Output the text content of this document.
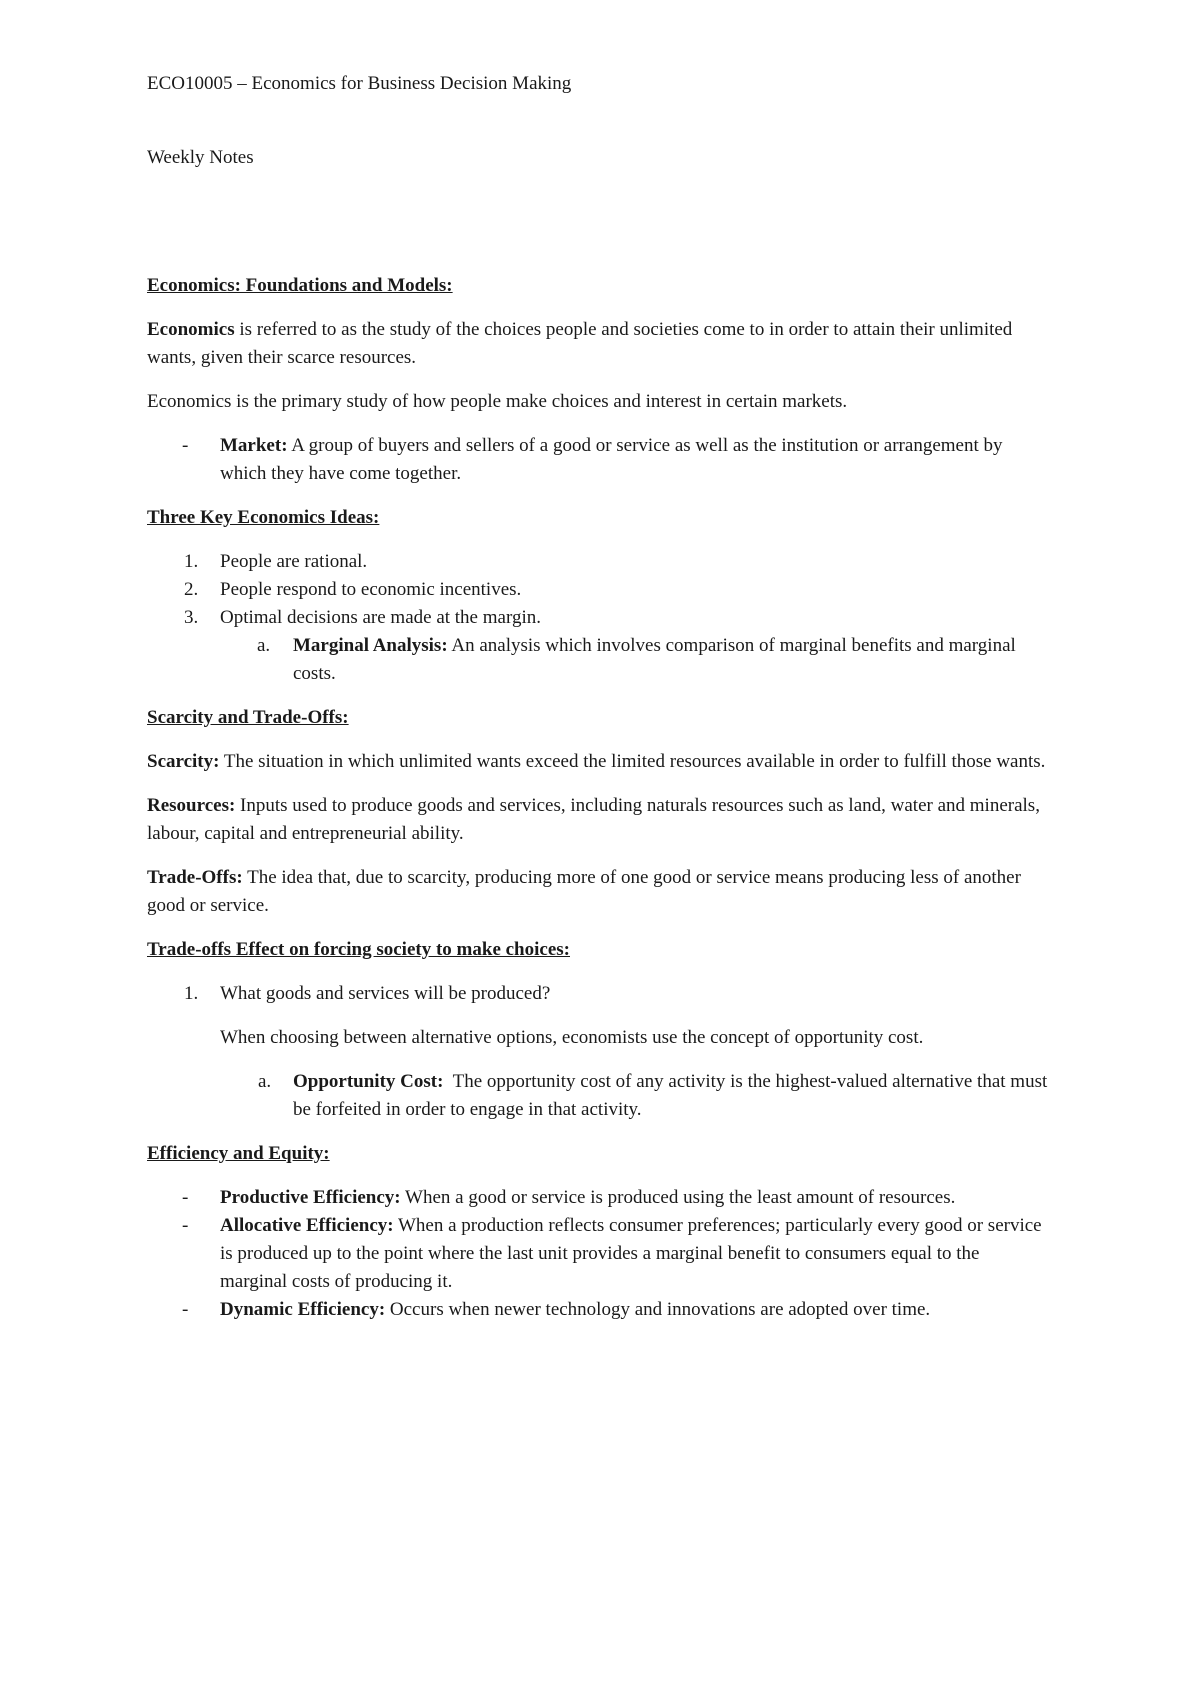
ECO10005 – Economics for Business Decision Making

Weekly Notes

Economics: Foundations and Models:

Economics is referred to as the study of the choices people and societies come to in order to attain their unlimited wants, given their scarce resources.

Economics is the primary study of how people make choices and interest in certain markets.

- Market: A group of buyers and sellers of a good or service as well as the institution or arrangement by which they have come together.

Three Key Economics Ideas:

1. People are rational.
2. People respond to economic incentives.
3. Optimal decisions are made at the margin.
a. Marginal Analysis: An analysis which involves comparison of marginal benefits and marginal costs.

Scarcity and Trade-Offs:

Scarcity: The situation in which unlimited wants exceed the limited resources available in order to fulfill those wants.

Resources: Inputs used to produce goods and services, including naturals resources such as land, water and minerals, labour, capital and entrepreneurial ability.

Trade-Offs: The idea that, due to scarcity, producing more of one good or service means producing less of another good or service.

Trade-offs Effect on forcing society to make choices:

1. What goods and services will be produced?

When choosing between alternative options, economists use the concept of opportunity cost.

a. Opportunity Cost:  The opportunity cost of any activity is the highest-valued alternative that must be forfeited in order to engage in that activity.

Efficiency and Equity:

- Productive Efficiency: When a good or service is produced using the least amount of resources.
- Allocative Efficiency: When a production reflects consumer preferences; particularly every good or service is produced up to the point where the last unit provides a marginal benefit to consumers equal to the marginal costs of producing it.
- Dynamic Efficiency: Occurs when newer technology and innovations are adopted over time.
